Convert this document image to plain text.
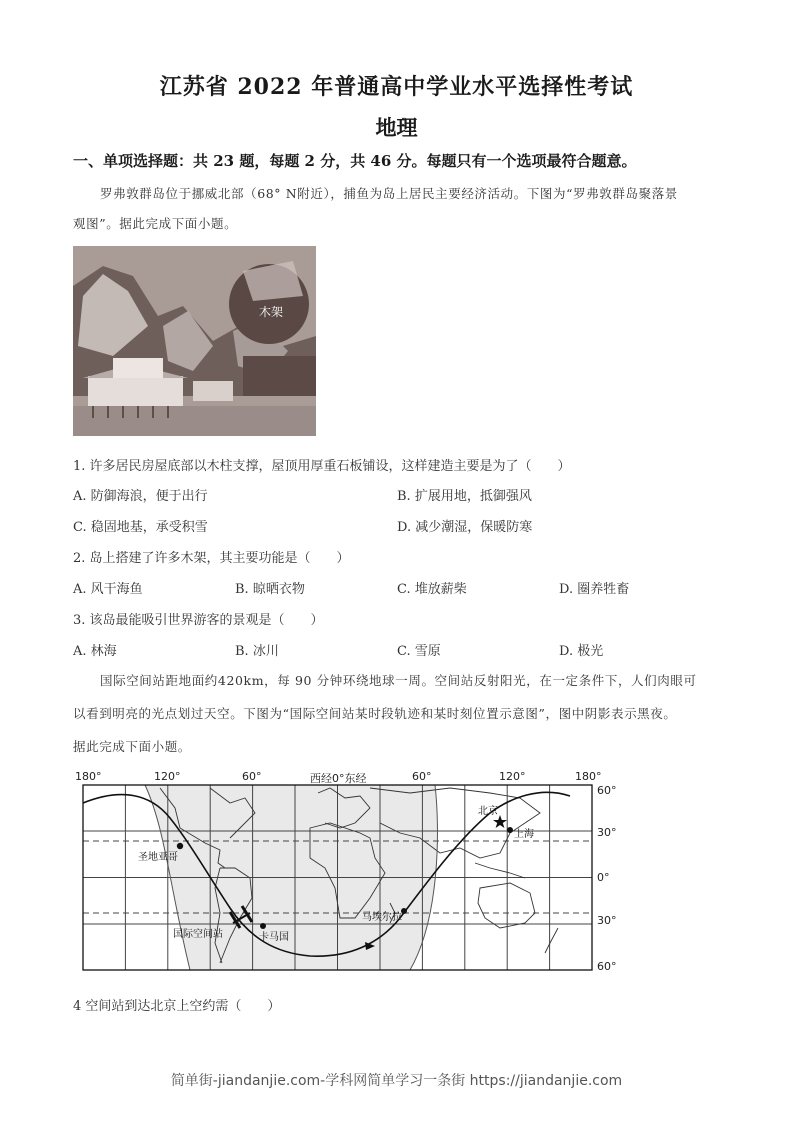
江苏省 2022 年普通高中学业水平选择性考试
地理
一、单项选择题：共 23 题，每题 2 分，共 46 分。每题只有一个选项最符合题意。
罗弗敦群岛位于挪威北部（68° N附近），捕鱼为岛上居民主要经济活动。下图为“罗弗敦群岛聚落景
观图”。据此完成下面小题。
木架
1. 许多居民房屋底部以木柱支撑，屋顶用厚重石板铺设，这样建造主要是为了（　　）
A. 防御海浪，便于出行	B. 扩展用地，抵御强风
C. 稳固地基，承受积雪	D. 减少潮湿，保暖防寒
2. 岛上搭建了许多木架，其主要功能是（　　）
A. 风干海鱼	B. 晾晒衣物	C. 堆放薪柴	D. 圈养牲畜
3. 该岛最能吸引世界游客的景观是（　　）
A. 林海	B. 冰川	C. 雪原	D. 极光
国际空间站距地面约420km，每 90 分钟环绕地球一周。空间站反射阳光，在一定条件下，人们肉眼可
以看到明亮的光点划过天空。下图为“国际空间站某时段轨迹和某时刻位置示意图”，图中阴影表示黑夜。
据此完成下面小题。
180°	120°	60°	西经0°东经	60°	120°	180°
60°
30°
0°
30°
60°
圣地亚哥
国际空间站	卡马国
马埃尔拉
北京
上海
4 空间站到达北京上空约需（　　）
简单街-jiandanjie.com-学科网简单学习一条街 https://jiandanjie.com
